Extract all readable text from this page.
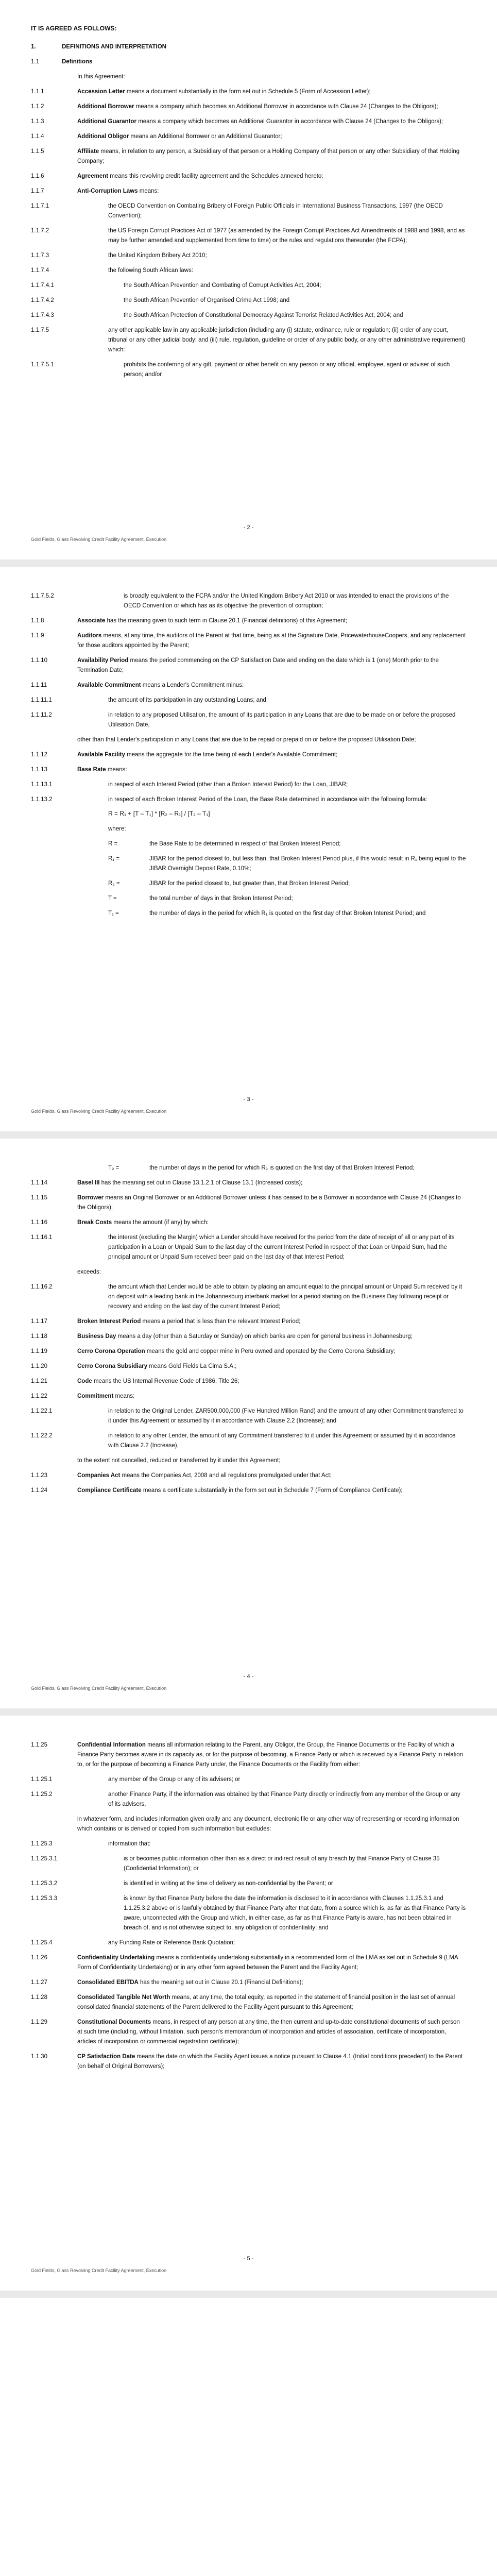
IT IS AGREED AS FOLLOWS:
1.	DEFINITIONS AND INTERPRETATION
1.1	Definitions
In this Agreement:
1.1.1	Accession Letter means a document substantially in the form set out in Schedule 5 (Form of Accession Letter);
1.1.2	Additional Borrower means a company which becomes an Additional Borrower in accordance with Clause 24 (Changes to the Obligors);
1.1.3	Additional Guarantor means a company which becomes an Additional Guarantor in accordance with Clause 24 (Changes to the Obligors);
1.1.4	Additional Obligor means an Additional Borrower or an Additional Guarantor;
1.1.5	Affiliate means, in relation to any person, a Subsidiary of that person or a Holding Company of that person or any other Subsidiary of that Holding Company;
1.1.6	Agreement means this revolving credit facility agreement and the Schedules annexed hereto;
1.1.7	Anti-Corruption Laws means:
1.1.7.1	the OECD Convention on Combating Bribery of Foreign Public Officials in International Business Transactions, 1997 (the OECD Convention);
1.1.7.2	the US Foreign Corrupt Practices Act of 1977 (as amended by the Foreign Corrupt Practices Act Amendments of 1988 and 1998, and as may be further amended and supplemented from time to time) or the rules and regulations thereunder (the FCPA);
1.1.7.3	the United Kingdom Bribery Act 2010;
1.1.7.4	the following South African laws:
1.1.7.4.1	the South African Prevention and Combating of Corrupt Activities Act, 2004;
1.1.7.4.2	the South African Prevention of Organised Crime Act 1998; and
1.1.7.4.3	the South African Protection of Constitutional Democracy Against Terrorist Related Activities Act, 2004; and
1.1.7.5	any other applicable law in any applicable jurisdiction (including any (i) statute, ordinance, rule or regulation; (ii) order of any court, tribunal or any other judicial body; and (iii) rule, regulation, guideline or order of any public body, or any other administrative requirement) which:
1.1.7.5.1	prohibits the conferring of any gift, payment or other benefit on any person or any official, employee, agent or adviser of such person; and/or
- 2 -
Gold Fields, Glass Revolving Credit Facility Agreement, Execution
1.1.7.5.2	is broadly equivalent to the FCPA and/or the United Kingdom Bribery Act 2010 or was intended to enact the provisions of the OECD Convention or which has as its objective the prevention of corruption;
1.1.8	Associate has the meaning given to such term in Clause 20.1 (Financial definitions) of this Agreement;
1.1.9	Auditors means, at any time, the auditors of the Parent at that time, being as at the Signature Date, PricewaterhouseCoopers, and any replacement for those auditors appointed by the Parent;
1.1.10	Availability Period means the period commencing on the CP Satisfaction Date and ending on the date which is 1 (one) Month prior to the Termination Date;
1.1.11	Available Commitment means a Lender's Commitment minus:
1.1.11.1	the amount of its participation in any outstanding Loans; and
1.1.11.2	in relation to any proposed Utilisation, the amount of its participation in any Loans that are due to be made on or before the proposed Utilisation Date,
other than that Lender's participation in any Loans that are due to be repaid or prepaid on or before the proposed Utilisation Date;
1.1.12	Available Facility means the aggregate for the time being of each Lender's Available Commitment;
1.1.13	Base Rate means:
1.1.13.1	in respect of each Interest Period (other than a Broken Interest Period) for the Loan, JIBAR;
1.1.13.2	in respect of each Broken Interest Period of the Loan, the Base Rate determined in accordance with the following formula:
R = R₁ + [T – T₁] * [R₂ – R₁] / [T₂ – T₁]
where:
R =	the Base Rate to be determined in respect of that Broken Interest Period;
R₁ =	JIBAR for the period closest to, but less than, that Broken Interest Period plus, if this would result in R₁ being equal to the JIBAR Overnight Deposit Rate, 0.10%;
R₂ =	JIBAR for the period closest to, but greater than, that Broken Interest Period;
T =	the total number of days in that Broken Interest Period;
T₁ =	the number of days in the period for which R₁ is quoted on the first day of that Broken Interest Period; and
- 3 -
Gold Fields, Glass Revolving Credit Facility Agreement, Execution
T₂ =	the number of days in the period for which R₂ is quoted on the first day of that Broken Interest Period;
1.1.14	Basel III has the meaning set out in Clause 13.1.2.1 of Clause 13.1 (Increased costs);
1.1.15	Borrower means an Original Borrower or an Additional Borrower unless it has ceased to be a Borrower in accordance with Clause 24 (Changes to the Obligors);
1.1.16	Break Costs means the amount (if any) by which:
1.1.16.1	the interest (excluding the Margin) which a Lender should have received for the period from the date of receipt of all or any part of its participation in a Loan or Unpaid Sum to the last day of the current Interest Period in respect of that Loan or Unpaid Sum, had the principal amount or Unpaid Sum received been paid on the last day of that Interest Period;
exceeds:
1.1.16.2	the amount which that Lender would be able to obtain by placing an amount equal to the principal amount or Unpaid Sum received by it on deposit with a leading bank in the Johannesburg interbank market for a period starting on the Business Day following receipt or recovery and ending on the last day of the current Interest Period;
1.1.17	Broken Interest Period means a period that is less than the relevant Interest Period;
1.1.18	Business Day means a day (other than a Saturday or Sunday) on which banks are open for general business in Johannesburg;
1.1.19	Cerro Corona Operation means the gold and copper mine in Peru owned and operated by the Cerro Corona Subsidiary;
1.1.20	Cerro Corona Subsidiary means Gold Fields La Cima S.A.;
1.1.21	Code means the US Internal Revenue Code of 1986, Title 26;
1.1.22	Commitment means:
1.1.22.1	in relation to the Original Lender, ZAR500,000,000 (Five Hundred Million Rand) and the amount of any other Commitment transferred to it under this Agreement or assumed by it in accordance with Clause 2.2 (Increase); and
1.1.22.2	in relation to any other Lender, the amount of any Commitment transferred to it under this Agreement or assumed by it in accordance with Clause 2.2 (Increase),
to the extent not cancelled, reduced or transferred by it under this Agreement;
1.1.23	Companies Act means the Companies Act, 2008 and all regulations promulgated under that Act;
1.1.24	Compliance Certificate means a certificate substantially in the form set out in Schedule 7 (Form of Compliance Certificate);
- 4 -
Gold Fields, Glass Revolving Credit Facility Agreement, Execution
1.1.25	Confidential Information means all information relating to the Parent, any Obligor, the Group, the Finance Documents or the Facility of which a Finance Party becomes aware in its capacity as, or for the purpose of becoming, a Finance Party or which is received by a Finance Party in relation to, or for the purpose of becoming a Finance Party under, the Finance Documents or the Facility from either:
1.1.25.1	any member of the Group or any of its advisers; or
1.1.25.2	another Finance Party, if the information was obtained by that Finance Party directly or indirectly from any member of the Group or any of its advisers,
in whatever form, and includes information given orally and any document, electronic file or any other way of representing or recording information which contains or is derived or copied from such information but excludes:
1.1.25.3	information that:
1.1.25.3.1	is or becomes public information other than as a direct or indirect result of any breach by that Finance Party of Clause 35 (Confidential Information); or
1.1.25.3.2	is identified in writing at the time of delivery as non-confidential by the Parent; or
1.1.25.3.3	is known by that Finance Party before the date the information is disclosed to it in accordance with Clauses 1.1.25.3.1 and 1.1.25.3.2 above or is lawfully obtained by that Finance Party after that date, from a source which is, as far as that Finance Party is aware, unconnected with the Group and which, in either case, as far as that Finance Party is aware, has not been obtained in breach of, and is not otherwise subject to, any obligation of confidentiality; and
1.1.25.4	any Funding Rate or Reference Bank Quotation;
1.1.26	Confidentiality Undertaking means a confidentiality undertaking substantially in a recommended form of the LMA as set out in Schedule 9 (LMA Form of Confidentiality Undertaking) or in any other form agreed between the Parent and the Facility Agent;
1.1.27	Consolidated EBITDA has the meaning set out in Clause 20.1 (Financial Definitions);
1.1.28	Consolidated Tangible Net Worth means, at any time, the total equity, as reported in the statement of financial position in the last set of annual consolidated financial statements of the Parent delivered to the Facility Agent pursuant to this Agreement;
1.1.29	Constitutional Documents means, in respect of any person at any time, the then current and up-to-date constitutional documents of such person at such time (including, without limitation, such person's memorandum of incorporation and articles of association, certificate of incorporation, articles of incorporation or commercial registration certificate);
1.1.30	CP Satisfaction Date means the date on which the Facility Agent issues a notice pursuant to Clause 4.1 (Initial conditions precedent) to the Parent (on behalf of Original Borrowers);
- 5 -
Gold Fields, Glass Revolving Credit Facility Agreement, Execution
